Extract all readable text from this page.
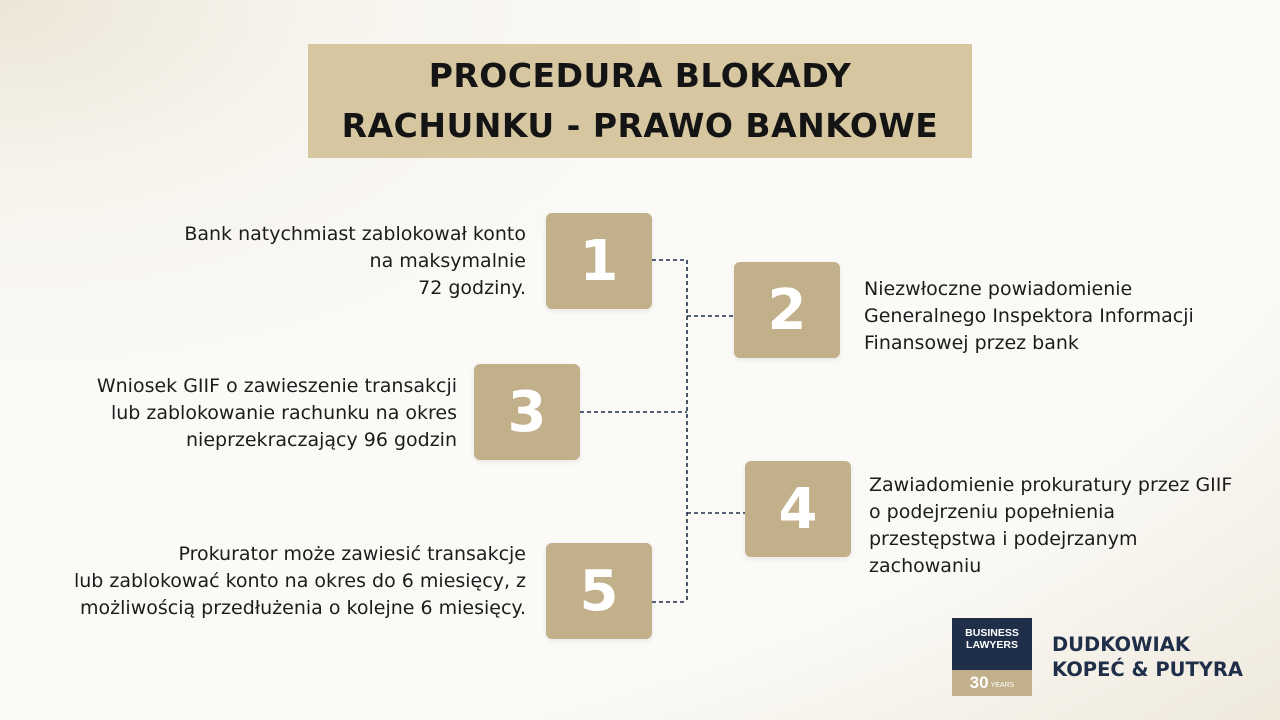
PROCEDURA BLOKADY
RACHUNKU - PRAWO BANKOWE
1
2
3
4
5
Bank natychmiast zablokował konto
na maksymalnie
72 godziny.	Niezwłoczne powiadomienie
Generalnego Inspektora Informacji
Finansowej przez bank
Wniosek GIIF o zawieszenie transakcji
lub zablokowanie rachunku na okres
nieprzekraczający 96 godzin
Zawiadomienie prokuratury przez GIIF
o podejrzeniu popełnienia
przestępstwa i podejrzanym
zachowaniu
Prokurator może zawiesić transakcje
lub zablokować konto na okres do 6 miesięcy, z
możliwością przedłużenia o kolejne 6 miesięcy.
BUSINESS
LAWYERS
30 YEARS
DUDKOWIAK
KOPEĆ & PUTYRA
